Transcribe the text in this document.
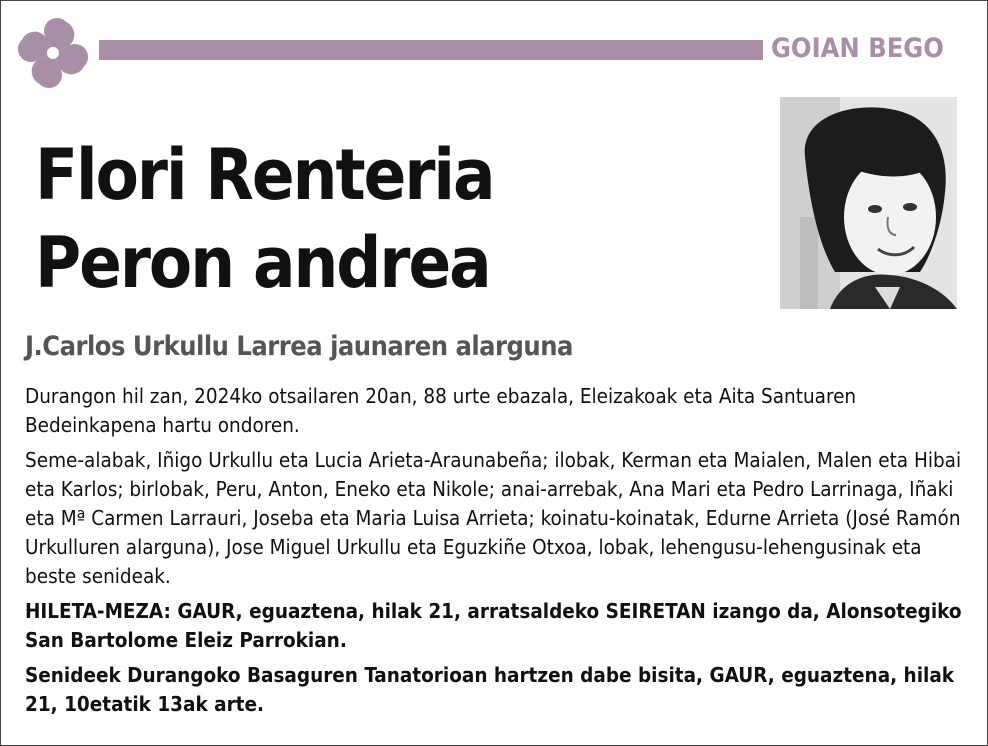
GOIAN BEGO
Flori Renteria
Peron andrea
J.Carlos Urkullu Larrea jaunaren alarguna

Durangon hil zan, 2024ko otsailaren 20an, 88 urte ebazala, Eleizakoak eta Aita Santuaren Bedeinkapena hartu ondoren.

Seme-alabak, Iñigo Urkullu eta Lucia Arieta-Araunabeña; ilobak, Kerman eta Maialen, Malen eta Hibai eta Karlos; birlobak, Peru, Anton, Eneko eta Nikole; anai-arrebak, Ana Mari eta Pedro Larrinaga, Iñaki eta Mª Carmen Larrauri, Joseba eta Maria Luisa Arrieta; koinatu-koinatak, Edurne Arrieta (José Ramón Urkulluren alarguna), Jose Miguel Urkullu eta Eguzkiñe Otxoa, lobak, lehengusu-lehengusinak eta beste senideak.

HILETA-MEZA: GAUR, eguaztena, hilak 21, arratsaldeko SEIRETAN izango da, Alonsotegiko San Bartolome Eleiz Parrokian.

Senideek Durangoko Basaguren Tanatorioan hartzen dabe bisita, GAUR, eguaztena, hilak 21, 10etatik 13ak arte.
